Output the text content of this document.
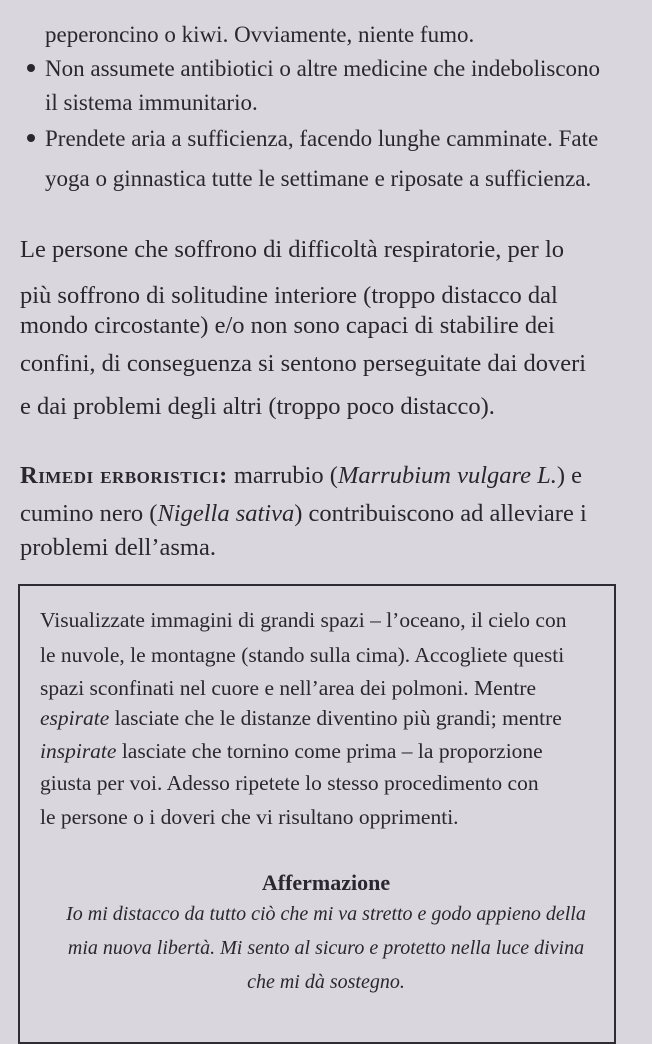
peperoncino o kiwi. Ovviamente, niente fumo.
Non assumete antibiotici o altre medicine che indeboliscono
il sistema immunitario.
Prendete aria a sufficienza, facendo lunghe camminate. Fate
yoga o ginnastica tutte le settimane e riposate a sufficienza.
Le persone che soffrono di difficoltà respiratorie, per lo
più soffrono di solitudine interiore (troppo distacco dal
mondo circostante) e/o non sono capaci di stabilire dei
confini, di conseguenza si sentono perseguitate dai doveri
e dai problemi degli altri (troppo poco distacco).
Rimedi erboristici: marrubio (Marrubium vulgare L.) e
cumino nero (Nigella sativa) contribuiscono ad alleviare i
problemi dell’asma.
Visualizzate immagini di grandi spazi – l’oceano, il cielo con
le nuvole, le montagne (stando sulla cima). Accogliete questi
spazi sconfinati nel cuore e nell’area dei polmoni. Mentre
espirate lasciate che le distanze diventino più grandi; mentre
inspirate lasciate che tornino come prima – la proporzione
giusta per voi. Adesso ripetete lo stesso procedimento con
le persone o i doveri che vi risultano opprimenti.
Affermazione
Io mi distacco da tutto ciò che mi va stretto e godo appieno della
mia nuova libertà. Mi sento al sicuro e protetto nella luce divina
che mi dà sostegno.
